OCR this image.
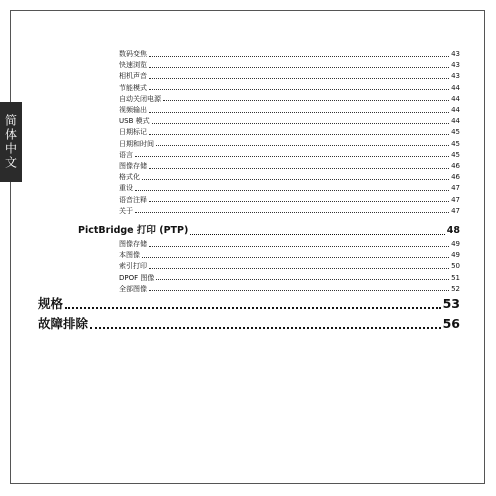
简体中文
数码变焦	43
快速浏览	43
相机声音	43
节能模式	44
自动关闭电源	44
视频输出	44
USB 模式	44
日期标记	45
日期和时间	45
语言	45
图像存储	46
格式化	46
重设	47
语音注释	47
关于	47
PictBridge 打印 (PTP)	48
图像存储	49
本图像	49
索引打印	50
DPOF 图像	51
全部图像	52
规格	53
故障排除	56
